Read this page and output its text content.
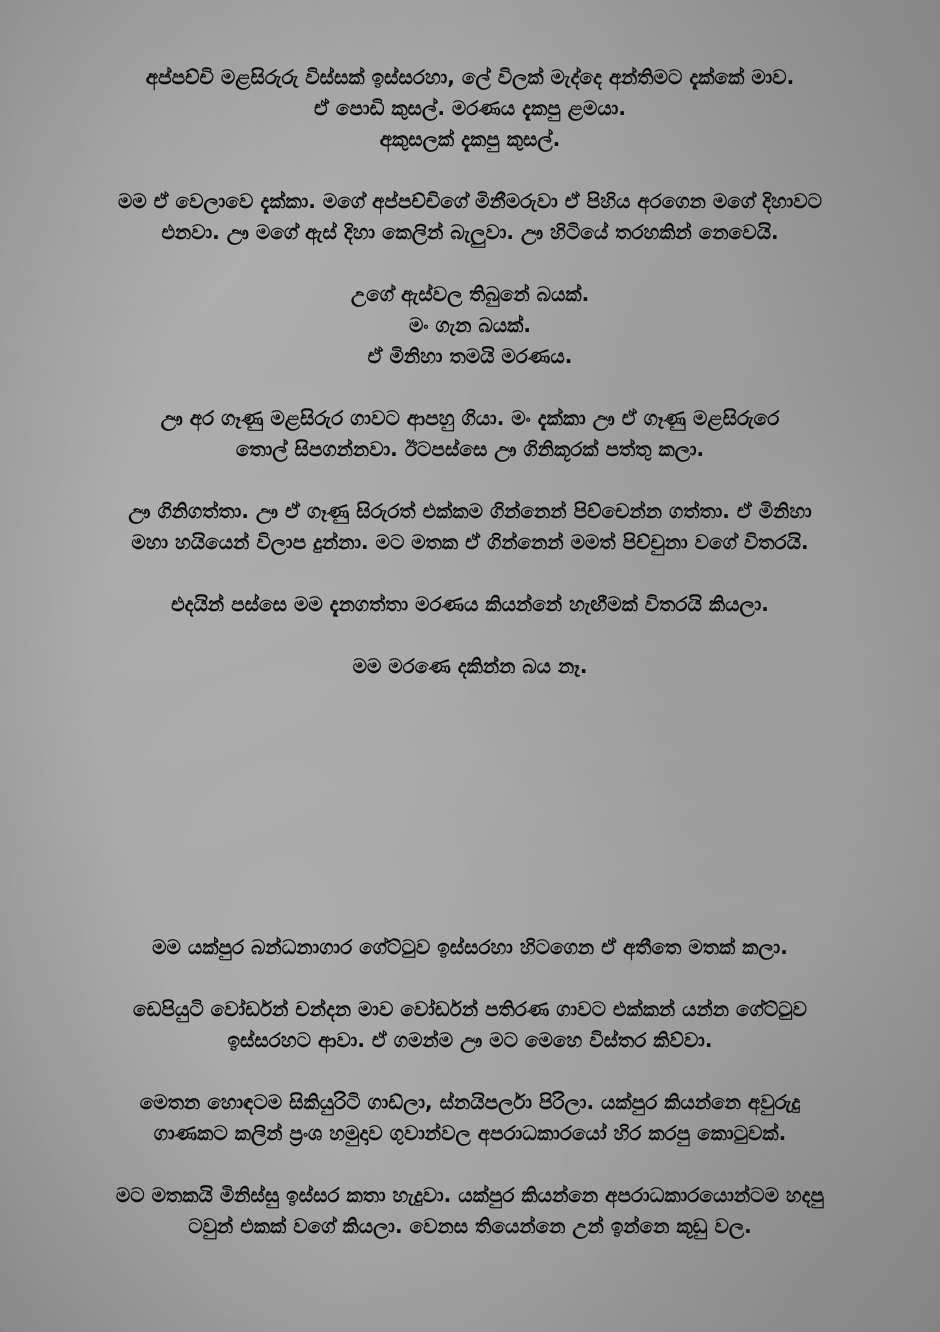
අප්පච්චි මළසිරුරු විස්සක් ඉස්සරහා, ලේ විලක් මැද්දෙ අන්තිමට දැක්කේ මාව.
ඒ පොඩි කුසල්. මරණය දැකපු ළමයා.
අකුසලක් දැකපු කුසල්.

මම ඒ වෙලාවෙ දැක්කා. මගේ අප්පච්චිගේ මිනීමරුවා ඒ පිහිය අරගෙන මගේ දිහාවට
එනවා. ඌ මගේ ඇස් දිහා කෙලින් බැලුවා. ඌ හිටියේ තරහකින් නෙවෙයි.

උගේ ඇස්වල තිබුනේ බයක්.
මං ගැන බයක්.
ඒ මිනිහා තමයි මරණය.

ඌ අර ගෑණු මළසිරුර ගාවට ආපහු ගියා. මං දැක්කා ඌ ඒ ගෑණු මළසිරුරෙ
තොල් සිපගන්නවා. ඊටපස්සෙ ඌ ගිනිකූරක් පත්තු කලා.

ඌ ගිනිගත්තා. ඌ ඒ ගෑණු සිරුරත් එක්කම ගින්නෙන් පිච්චෙන්න ගත්තා. ඒ මිනිහා
මහා හයියෙන් විලාප දුන්නා. මට මතක ඒ ගින්නෙන් මමත් පිච්චුනා වගේ විතරයි.

එදයින් පස්සෙ මම දැනගත්තා මරණය කියන්නේ හැඟීමක් විතරයි කියලා.

මම මරණෙ දකින්න බය නෑ.

මම යක්පුර බන්ධනාගාර ගේට්ටුව ඉස්සරහා හිටගෙන ඒ අතීතෙ මතක් කලා.

ඩෙපියුටි වෝර්ඩන් චන්දන මාව වෝර්ඩන් පතිරණ ගාවට එක්කන් යන්න ගේට්ටුව
ඉස්සරහට ආවා. ඒ ගමන්ම ඌ මට මෙහෙ විස්තර කිව්වා.

මෙතන හොඳටම සිකියුරිටි ගාඩ්ලා, ස්නයිපර්ලා පිරිලා. යක්පුර කියන්නෙ අවුරුදු
ගාණකට කලින් ප්‍රංශ හමුදාව ගුවාන්වල අපරාධකාරයෝ හිර කරපු කොටුවක්.

මට මතකයි මිනිස්සු ඉස්සර කතා හැදුවා. යක්පුර කියන්නෙ අපරාධකාරයොන්ටම හදපු
ටවුන් එකක් වගේ කියලා. වෙනස තියෙන්නෙ උන් ඉන්නෙ කූඩු වල.
